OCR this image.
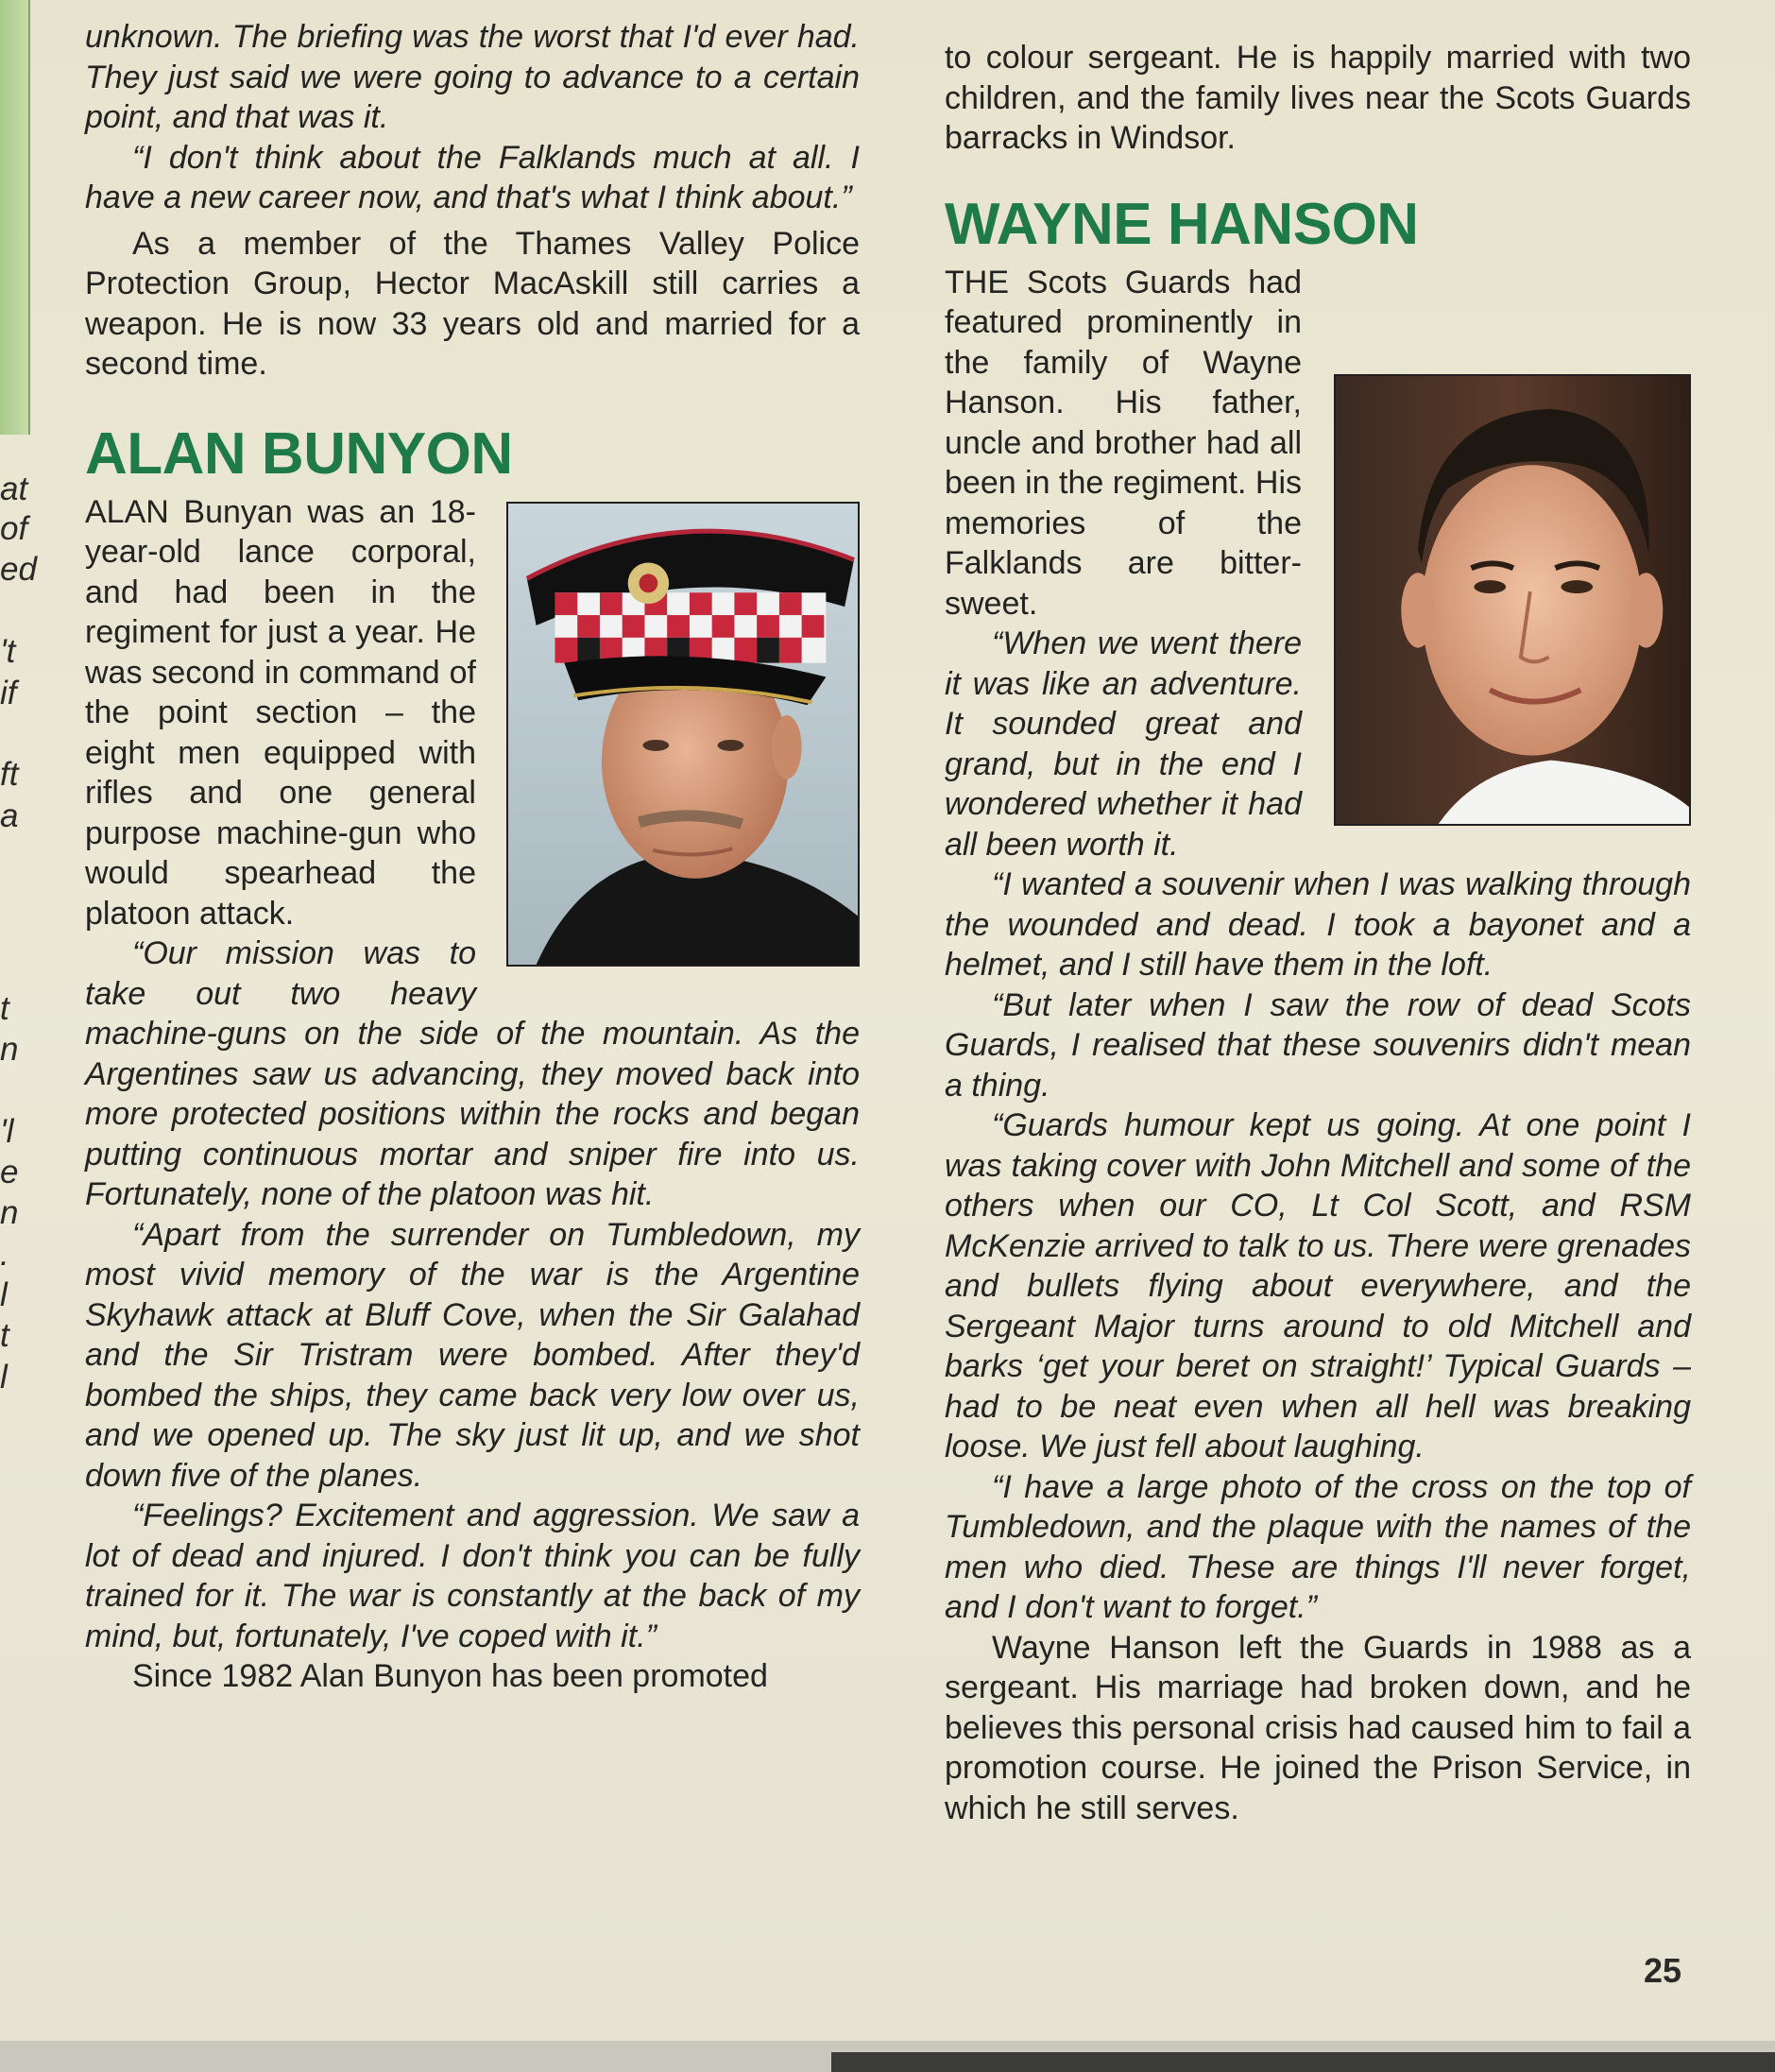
at
of
ed
't
if
ft
a
t
n
'l
e
n
.
l
t
l

unknown. The briefing was the worst that I'd ever had. They just said we were going to advance to a certain point, and that was it.

“I don't think about the Falklands much at all. I have a new career now, and that's what I think about.”

As a member of the Thames Valley Police Protection Group, Hector MacAskill still carries a weapon. He is now 33 years old and married for a second time.

ALAN BUNYON

ALAN Bunyan was an 18-year-old lance corporal, and had been in the regiment for just a year. He was second in command of the point section – the eight men equipped with rifles and one general purpose machine-gun who would spearhead the platoon attack.

“Our mission was to take out two heavy machine-guns on the side of the mountain. As the Argentines saw us advancing, they moved back into more protected positions within the rocks and began putting continuous mortar and sniper fire into us. Fortunately, none of the platoon was hit.

“Apart from the surrender on Tumbledown, my most vivid memory of the war is the Argentine Skyhawk attack at Bluff Cove, when the Sir Galahad and the Sir Tristram were bombed. After they'd bombed the ships, they came back very low over us, and we opened up. The sky just lit up, and we shot down five of the planes.

“Feelings? Excitement and aggression. We saw a lot of dead and injured. I don't think you can be fully trained for it. The war is constantly at the back of my mind, but, fortunately, I've coped with it.”

Since 1982 Alan Bunyon has been promoted

to colour sergeant. He is happily married with two children, and the family lives near the Scots Guards barracks in Windsor.

WAYNE HANSON

THE Scots Guards had featured prominently in the family of Wayne Hanson. His father, uncle and brother had all been in the regiment. His memories of the Falklands are bitter-sweet.

“When we went there it was like an adventure. It sounded great and grand, but in the end I wondered whether it had all been worth it.

“I wanted a souvenir when I was walking through the wounded and dead. I took a bayonet and a helmet, and I still have them in the loft.

“But later when I saw the row of dead Scots Guards, I realised that these souvenirs didn't mean a thing.

“Guards humour kept us going. At one point I was taking cover with John Mitchell and some of the others when our CO, Lt Col Scott, and RSM McKenzie arrived to talk to us. There were grenades and bullets flying about everywhere, and the Sergeant Major turns around to old Mitchell and barks ‘get your beret on straight!’ Typical Guards – had to be neat even when all hell was breaking loose. We just fell about laughing.

“I have a large photo of the cross on the top of Tumbledown, and the plaque with the names of the men who died. These are things I'll never forget, and I don't want to forget.”

Wayne Hanson left the Guards in 1988 as a sergeant. His marriage had broken down, and he believes this personal crisis had caused him to fail a promotion course. He joined the Prison Service, in which he still serves.

25
